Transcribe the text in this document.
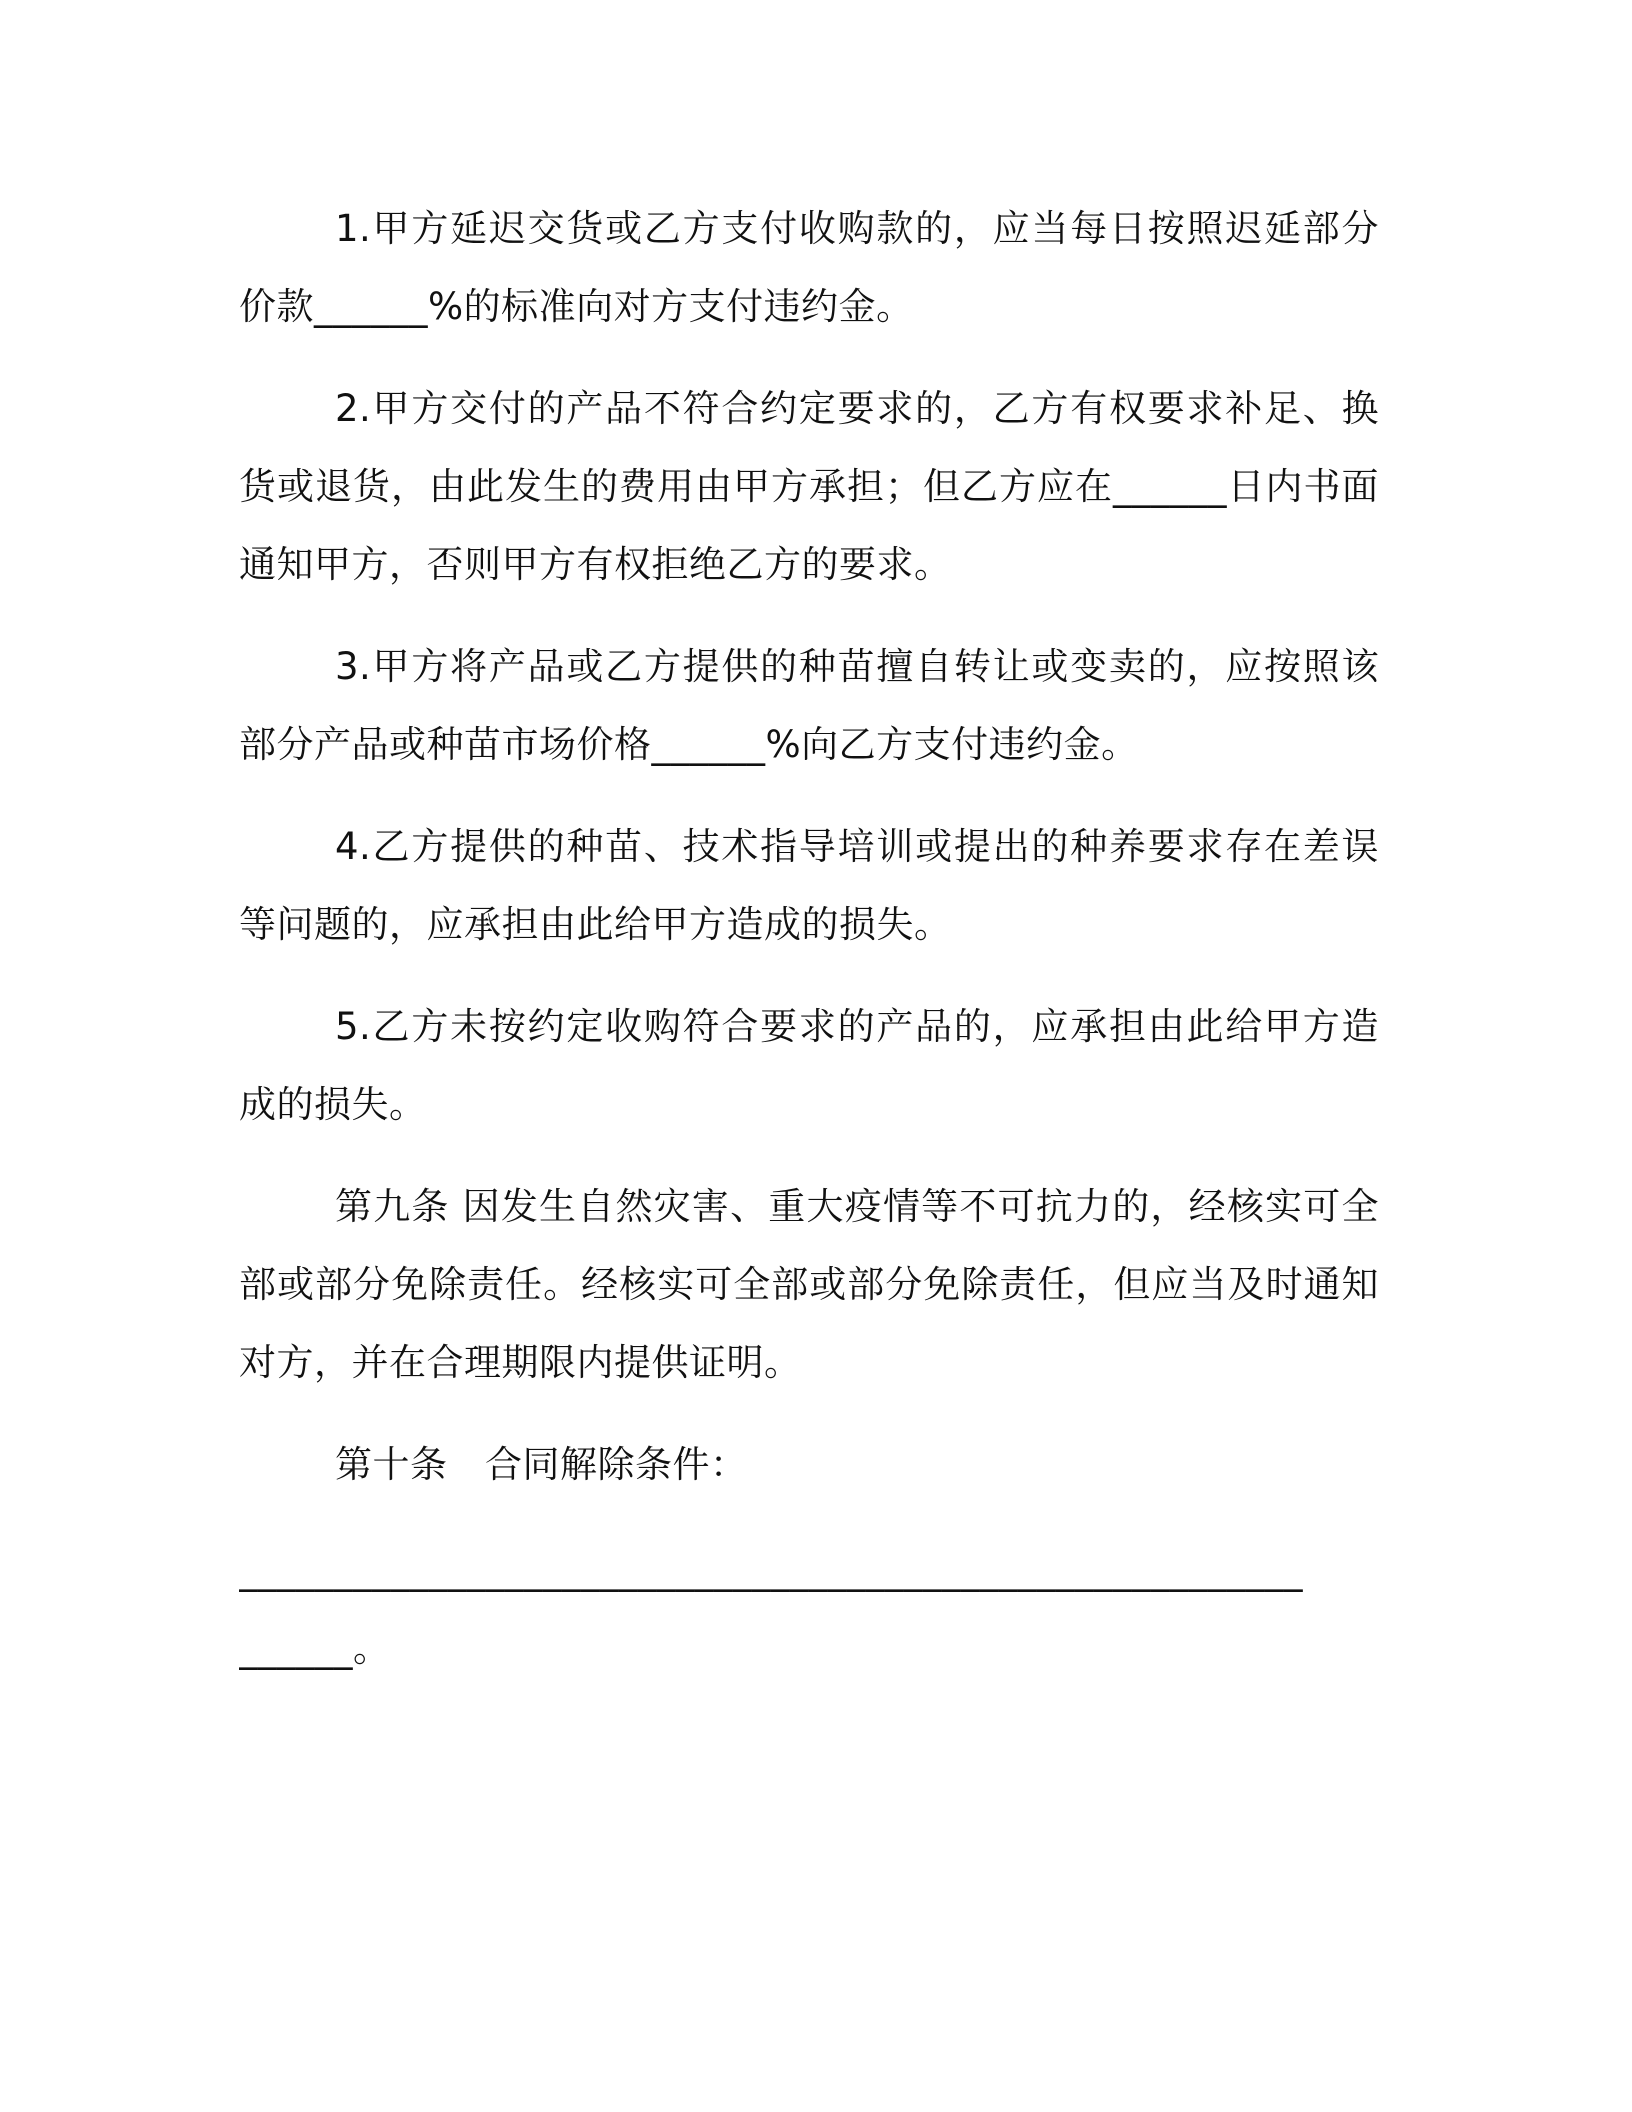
1.甲方延迟交货或乙方支付收购款的，应当每日按照迟延部分价款______%的标准向对方支付违约金。

2.甲方交付的产品不符合约定要求的，乙方有权要求补足、换货或退货，由此发生的费用由甲方承担；但乙方应在______日内书面通知甲方，否则甲方有权拒绝乙方的要求。

3.甲方将产品或乙方提供的种苗擅自转让或变卖的，应按照该部分产品或种苗市场价格______%向乙方支付违约金。

4.乙方提供的种苗、技术指导培训或提出的种养要求存在差误等问题的，应承担由此给甲方造成的损失。

5.乙方未按约定收购符合要求的产品的，应承担由此给甲方造成的损失。

第九条 因发生自然灾害、重大疫情等不可抗力的，经核实可全部或部分免除责任。经核实可全部或部分免除责任，但应当及时通知对方，并在合理期限内提供证明。

第十条　合同解除条件：

________________________________________________________
______。
